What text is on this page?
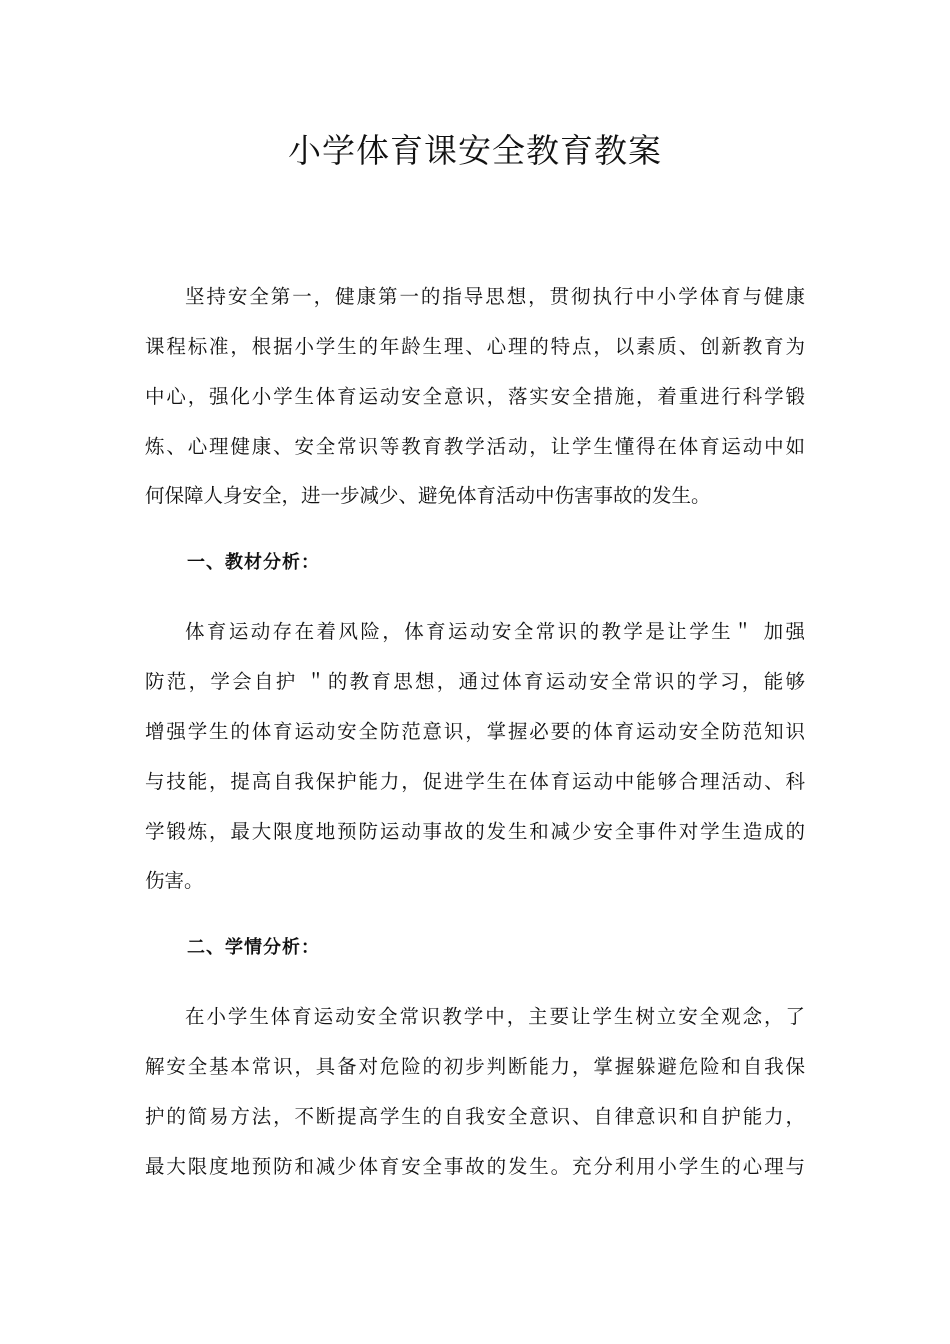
小学体育课安全教育教案
坚持安全第一，健康第一的指导思想，贯彻执行中小学体育与健康
课程标准，根据小学生的年龄生理、心理的特点，以素质、创新教育为
中心，强化小学生体育运动安全意识，落实安全措施，着重进行科学锻
炼、心理健康、安全常识等教育教学活动，让学生懂得在体育运动中如
何保障人身安全，进一步减少、避免体育活动中伤害事故的发生。
一、教材分析：
体育运动存在着风险，体育运动安全常识的教学是让学生＂ 加强
防范，学会自护 ＂的教育思想，通过体育运动安全常识的学习，能够
增强学生的体育运动安全防范意识，掌握必要的体育运动安全防范知识
与技能，提高自我保护能力，促进学生在体育运动中能够合理活动、科
学锻炼，最大限度地预防运动事故的发生和减少安全事件对学生造成的
伤害。
二、学情分析：
在小学生体育运动安全常识教学中，主要让学生树立安全观念，了
解安全基本常识，具备对危险的初步判断能力，掌握躲避危险和自我保
护的简易方法，不断提高学生的自我安全意识、自律意识和自护能力，
最大限度地预防和减少体育安全事故的发生。充分利用小学生的心理与
